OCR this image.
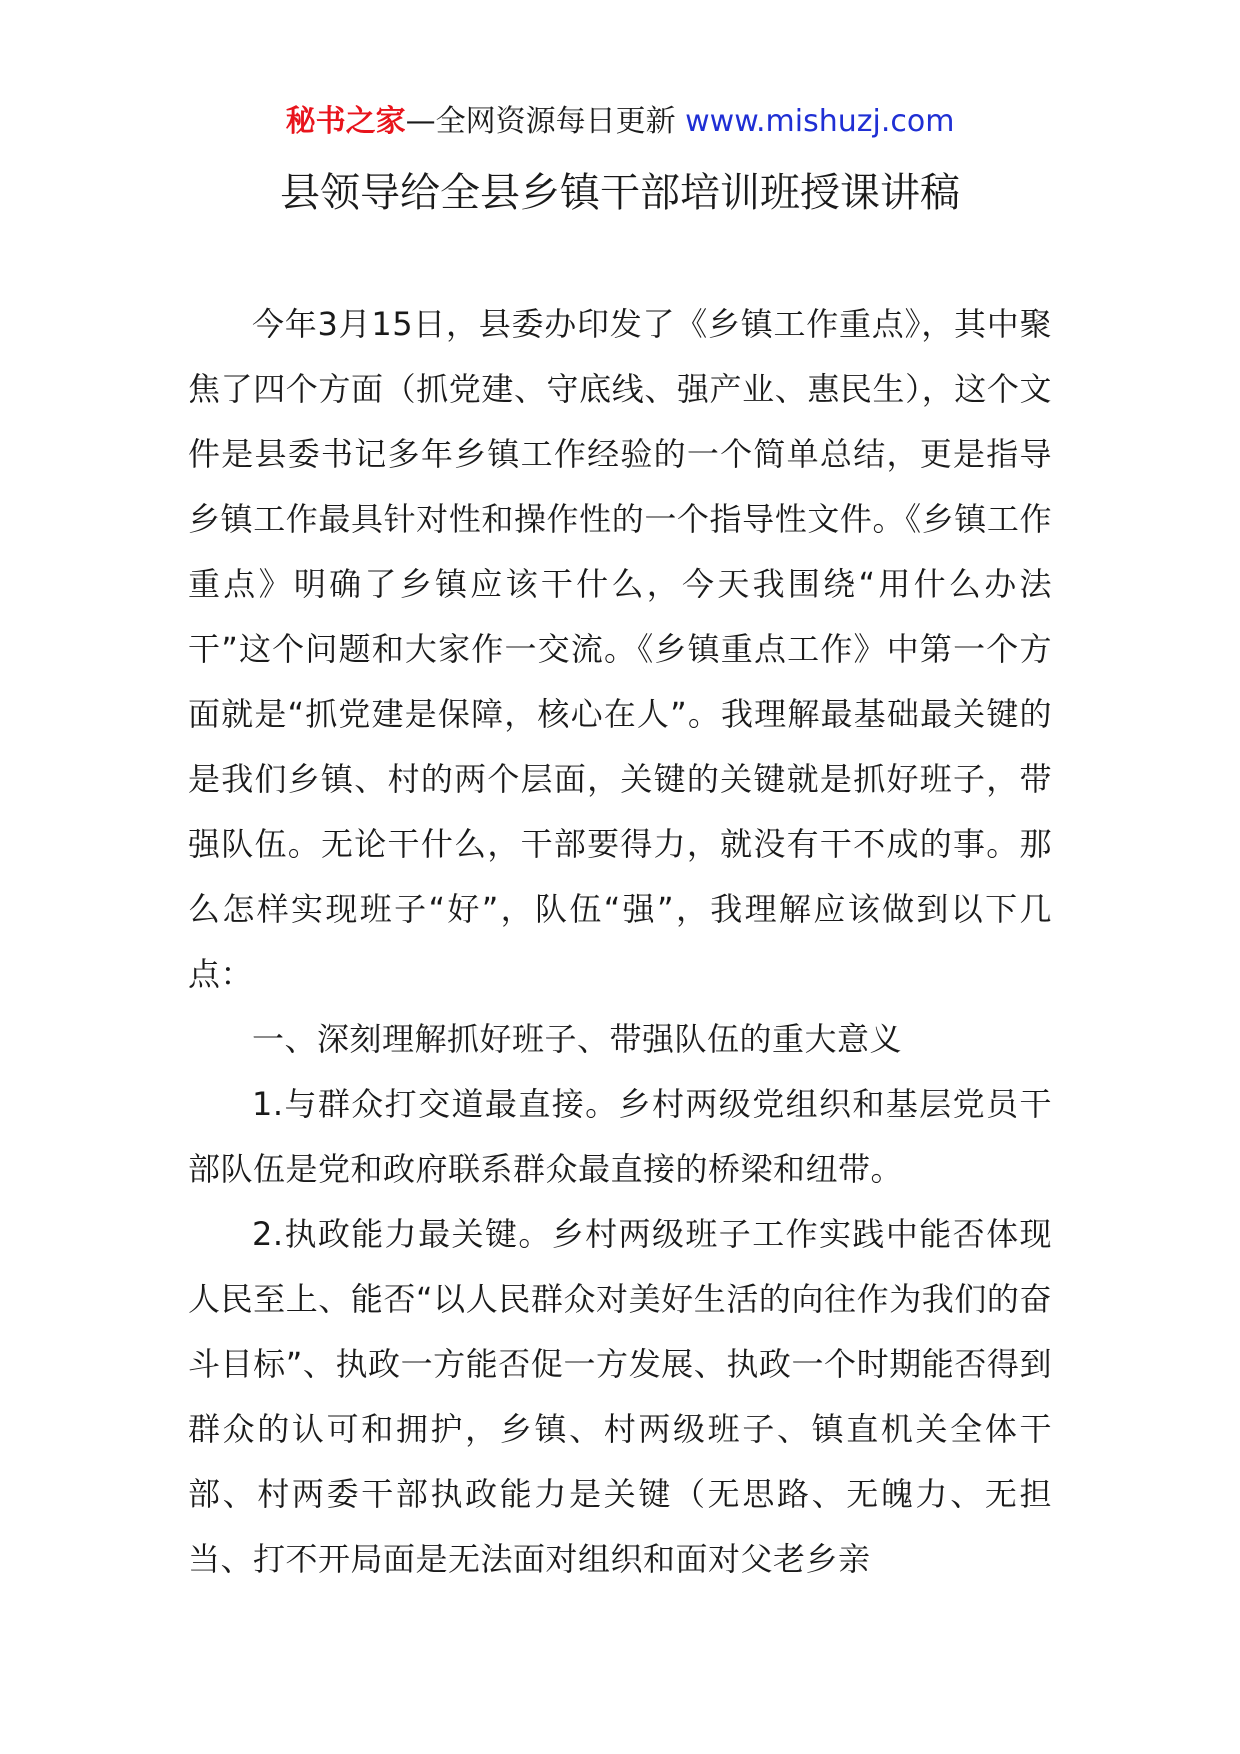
秘书之家—全网资源每日更新 www.mishuzj.com
县领导给全县乡镇干部培训班授课讲稿

今年3月15日，县委办印发了《乡镇工作重点》，其中聚焦了四个方面（抓党建、守底线、强产业、惠民生），这个文件是县委书记多年乡镇工作经验的一个简单总结，更是指导乡镇工作最具针对性和操作性的一个指导性文件。《乡镇工作重点》明确了乡镇应该干什么，今天我围绕“用什么办法干”这个问题和大家作一交流。《乡镇重点工作》中第一个方面就是“抓党建是保障，核心在人”。我理解最基础最关键的是我们乡镇、村的两个层面，关键的关键就是抓好班子，带强队伍。无论干什么，干部要得力，就没有干不成的事。那么怎样实现班子“好”，队伍“强”，我理解应该做到以下几点：

一、深刻理解抓好班子、带强队伍的重大意义

1.与群众打交道最直接。乡村两级党组织和基层党员干部队伍是党和政府联系群众最直接的桥梁和纽带。

2.执政能力最关键。乡村两级班子工作实践中能否体现人民至上、能否“以人民群众对美好生活的向往作为我们的奋斗目标”、执政一方能否促一方发展、执政一个时期能否得到群众的认可和拥护，乡镇、村两级班子、镇直机关全体干部、村两委干部执政能力是关键（无思路、无魄力、无担当、打不开局面是无法面对组织和面对父老乡亲
